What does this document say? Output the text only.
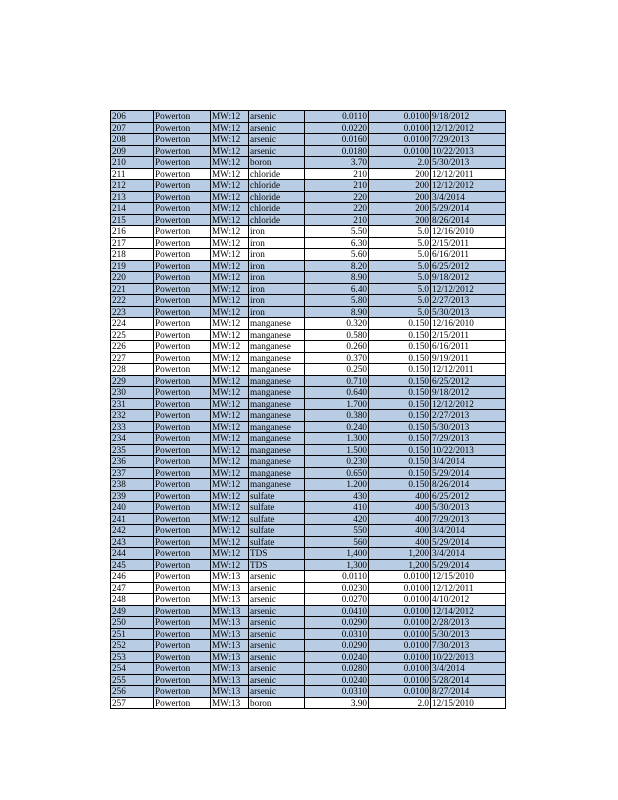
206	Powerton	MW:12	arsenic	0.0110	0.0100	9/18/2012
207	Powerton	MW:12	arsenic	0.0220	0.0100	12/12/2012
208	Powerton	MW:12	arsenic	0.0160	0.0100	7/29/2013
209	Powerton	MW:12	arsenic	0.0180	0.0100	10/22/2013
210	Powerton	MW:12	boron	3.70	2.0	5/30/2013
211	Powerton	MW:12	chloride	210	200	12/12/2011
212	Powerton	MW:12	chloride	210	200	12/12/2012
213	Powerton	MW:12	chloride	220	200	3/4/2014
214	Powerton	MW:12	chloride	220	200	5/29/2014
215	Powerton	MW:12	chloride	210	200	8/26/2014
216	Powerton	MW:12	iron	5.50	5.0	12/16/2010
217	Powerton	MW:12	iron	6.30	5.0	2/15/2011
218	Powerton	MW:12	iron	5.60	5.0	6/16/2011
219	Powerton	MW:12	iron	8.20	5.0	6/25/2012
220	Powerton	MW:12	iron	8.90	5.0	9/18/2012
221	Powerton	MW:12	iron	6.40	5.0	12/12/2012
222	Powerton	MW:12	iron	5.80	5.0	2/27/2013
223	Powerton	MW:12	iron	8.90	5.0	5/30/2013
224	Powerton	MW:12	manganese	0.320	0.150	12/16/2010
225	Powerton	MW:12	manganese	0.580	0.150	2/15/2011
226	Powerton	MW:12	manganese	0.260	0.150	6/16/2011
227	Powerton	MW:12	manganese	0.370	0.150	9/19/2011
228	Powerton	MW:12	manganese	0.250	0.150	12/12/2011
229	Powerton	MW:12	manganese	0.710	0.150	6/25/2012
230	Powerton	MW:12	manganese	0.640	0.150	9/18/2012
231	Powerton	MW:12	manganese	1.700	0.150	12/12/2012
232	Powerton	MW:12	manganese	0.380	0.150	2/27/2013
233	Powerton	MW:12	manganese	0.240	0.150	5/30/2013
234	Powerton	MW:12	manganese	1.300	0.150	7/29/2013
235	Powerton	MW:12	manganese	1.500	0.150	10/22/2013
236	Powerton	MW:12	manganese	0.230	0.150	3/4/2014
237	Powerton	MW:12	manganese	0.650	0.150	5/29/2014
238	Powerton	MW:12	manganese	1.200	0.150	8/26/2014
239	Powerton	MW:12	sulfate	430	400	6/25/2012
240	Powerton	MW:12	sulfate	410	400	5/30/2013
241	Powerton	MW:12	sulfate	420	400	7/29/2013
242	Powerton	MW:12	sulfate	550	400	3/4/2014
243	Powerton	MW:12	sulfate	560	400	5/29/2014
244	Powerton	MW:12	TDS	1,400	1,200	3/4/2014
245	Powerton	MW:12	TDS	1,300	1,200	5/29/2014
246	Powerton	MW:13	arsenic	0.0110	0.0100	12/15/2010
247	Powerton	MW:13	arsenic	0.0230	0.0100	12/12/2011
248	Powerton	MW:13	arsenic	0.0270	0.0100	4/10/2012
249	Powerton	MW:13	arsenic	0.0410	0.0100	12/14/2012
250	Powerton	MW:13	arsenic	0.0290	0.0100	2/28/2013
251	Powerton	MW:13	arsenic	0.0310	0.0100	5/30/2013
252	Powerton	MW:13	arsenic	0.0290	0.0100	7/30/2013
253	Powerton	MW:13	arsenic	0.0240	0.0100	10/22/2013
254	Powerton	MW:13	arsenic	0.0280	0.0100	3/4/2014
255	Powerton	MW:13	arsenic	0.0240	0.0100	5/28/2014
256	Powerton	MW:13	arsenic	0.0310	0.0100	8/27/2014
257	Powerton	MW:13	boron	3.90	2.0	12/15/2010
